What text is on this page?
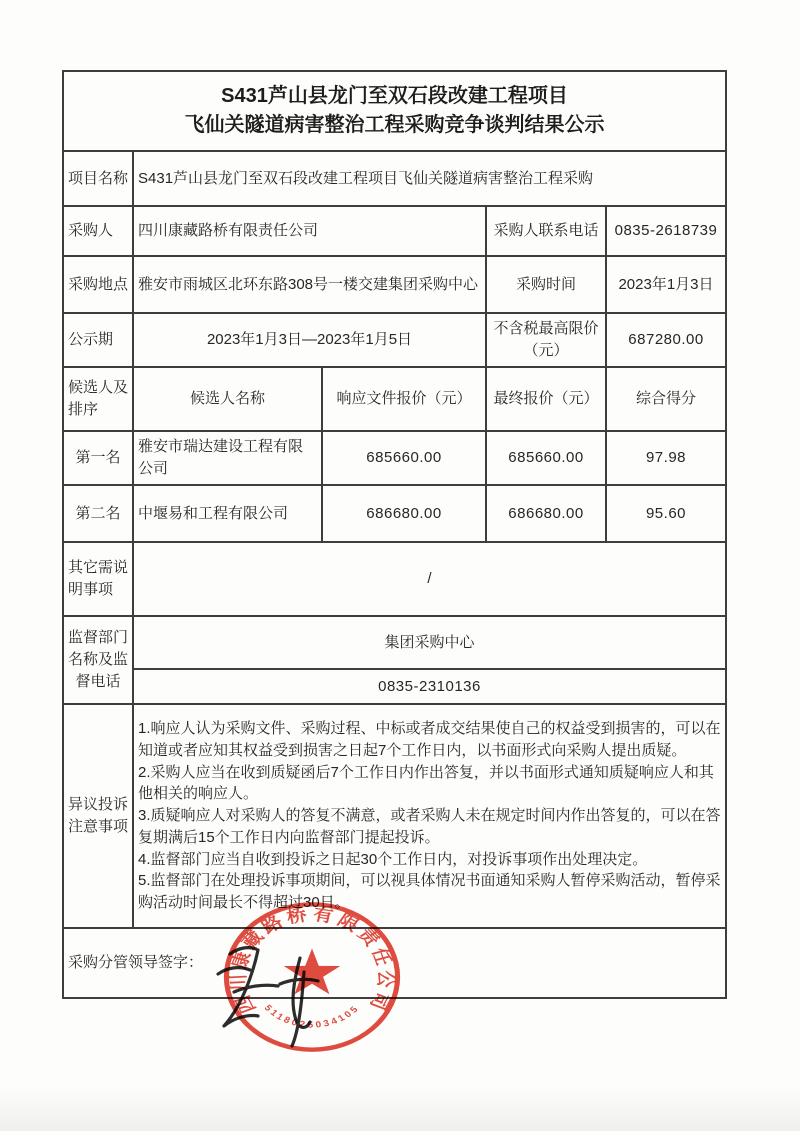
S431芦山县龙门至双石段改建工程项目
飞仙关隧道病害整治工程采购竞争谈判结果公示				

项目名称	S431芦山县龙门至双石段改建工程项目飞仙关隧道病害整治工程采购			
采购人	四川康藏路桥有限责任公司		采购人联系电话	0835-2618739
采购地点	雅安市雨城区北环东路308号一楼交建集团采购中心		采购时间	2023年1月3日
公示期	2023年1月3日—2023年1月5日		不含税最高限价（元）	687280.00
候选人及排序	候选人名称	响应文件报价（元）	最终报价（元）	综合得分
第一名	雅安市瑞达建设工程有限公司	685660.00	685660.00	97.98
第二名	中堰易和工程有限公司	686680.00	686680.00	95.60
其它需说明事项	/			
监督部门名称及监督电话	集团采购中心			
	0835-2310136			
异议投诉注意事项	1.响应人认为采购文件、采购过程、中标或者成交结果使自己的权益受到损害的，可以在知道或者应知其权益受到损害之日起7个工作日内，以书面形式向采购人提出质疑。
2.采购人应当在收到质疑函后7个工作日内作出答复，并以书面形式通知质疑响应人和其他相关的响应人。
3.质疑响应人对采购人的答复不满意，或者采购人未在规定时间内作出答复的，可以在答复期满后15个工作日内向监督部门提起投诉。
4.监督部门应当自收到投诉之日起30个工作日内，对投诉事项作出处理决定。
5.监督部门在处理投诉事项期间，可以视具体情况书面通知采购人暂停采购活动，暂停采购活动时间最长不得超过30日。			

采购分管领导签字：				
四川康藏路桥有限责任公司
5118025034105
